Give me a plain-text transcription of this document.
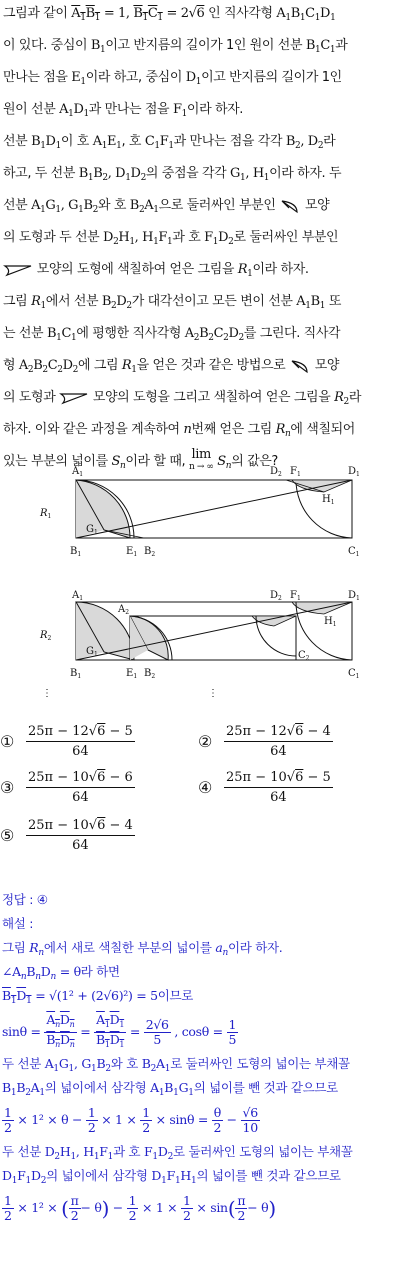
그림과 같이 $A_1B_1 = 1$, $B_1C_1 = 2√6$ 인 직사각형 $A_1B_1C_1D_1$

이 있다. 중심이 $B_1$이고 반지름의 길이가 1인 원이 선분 $B_1C_1$과

만나는 점을 $E_1$이라 하고, 중심이 $D_1$이고 반지름의 길이가 1인

원이 선분 $A_1D_1$과 만나는 점을 $F_1$이라 하자.

선분 $B_1D_1$이 호 $A_1E_1$, 호 $C_1F_1$과 만나는 점을 각각 $B_2$, $D_2$라

하고, 두 선분 $B_1B_2$, $D_1D_2$의 중점을 각각 $G_1$, $H_1$이라 하자. 두

선분 $A_1G_1$, $G_1B_2$와 호 $B_2A_1$으로 둘러싸인 부분인 모양

의 도형과 두 선분 $D_2H_1$, $H_1F_1$과 호 $F_1D_2$로 둘러싸인 부분인

모양의 도형에 색칠하여 얻은 그림을 $R_1$이라 하자.

그림 $R_1$에서 선분 $B_2D_2$가 대각선이고 모든 변이 선분 $A_1B_1$ 또

는 선분 $B_1C_1$에 평행한 직사각형 $A_2B_2C_2D_2$를 그린다. 직사각

형 $A_2B_2C_2D_2$에 그림 $R_1$을 얻은 것과 같은 방법으로 모양

의 도형과	모양의 도형을 그리고 색칠하여 얻은 그림을 $R_2$라

하자. 이와 같은 과정을 계속하여 n번째 얻은 그림 $R_n$에 색칠되어

있는 부분의 넓이를 $S_n$이라 할 때, lim
n → ∞ $S_n$의 값은?

$A_1$	$D_2$ $F_1$	$D_1$
$H_1$
$G_1$
$B_1$	$E_1$ $B_2$	$C_1$
$R_1$
$A_1$
$A_2$
$D_2$ $F_1$	$D_1$
$H_1$
$G_1$	$C_2$
$B_1$	$E_1$ $B_2$	$C_1$
$R_2$
⋮	⋮
① $\frac{25\pi - 12√6 - 5}{64}$	② $\frac{25\pi - 12√6 - 4}{64}$
③ $\frac{25\pi - 10√6 - 6}{64}$	④ $\frac{25\pi - 10√6 - 5}{64}$
⑤ $\frac{25\pi - 10√6 - 4}{64}$
정답 : ④
해설 :
그림 $R_n$에서 새로 색칠한 부분의 넓이를 $a_n$이라 하자.
$\angle A_nB_nD_n = \theta$라 하면
$B_1D_1 = √(1^2 + (2√6)^2) = 5$이므로
sinθ =
$A_nD_n$
$B_nD_n$
= $\frac{A_1D_1}{B_1D_1} = \frac{2√6}{5}$ , $\cos\theta = \frac{1}{5}$
두 선분 $A_1G_1$, $G_1B_2$와 호 $B_2A_1$로 둘러싸인 도형의 넓이는 부채꼴
$B_1B_2A_1$의 넓이에서 삼각형 $A_1B_1G_1$의 넓이를 뺀 것과 같으므로
$\frac{1}{2} \times 1^2 \times \theta - \frac{1}{2} \times 1 \times \frac{1}{2} \times \sin\theta = \frac{\theta}{2} - \frac{√6}{10}$
두 선분 $D_2H_1$, $H_1F_1$과 호 $F_1D_2$로 둘러싸인 도형의 넓이는 부채꼴
$D_1F_1D_2$의 넓이에서 삼각형 $D_1F_1H_1$의 넓이를 뺀 것과 같으므로
$\frac{1}{2} \times 1^2$ × ( $\frac{\pi}{2} - \theta) - \frac{1}{2} \times 1 \times \frac{1}{2} \times \sin( \frac{\pi}{2} - \theta)$
